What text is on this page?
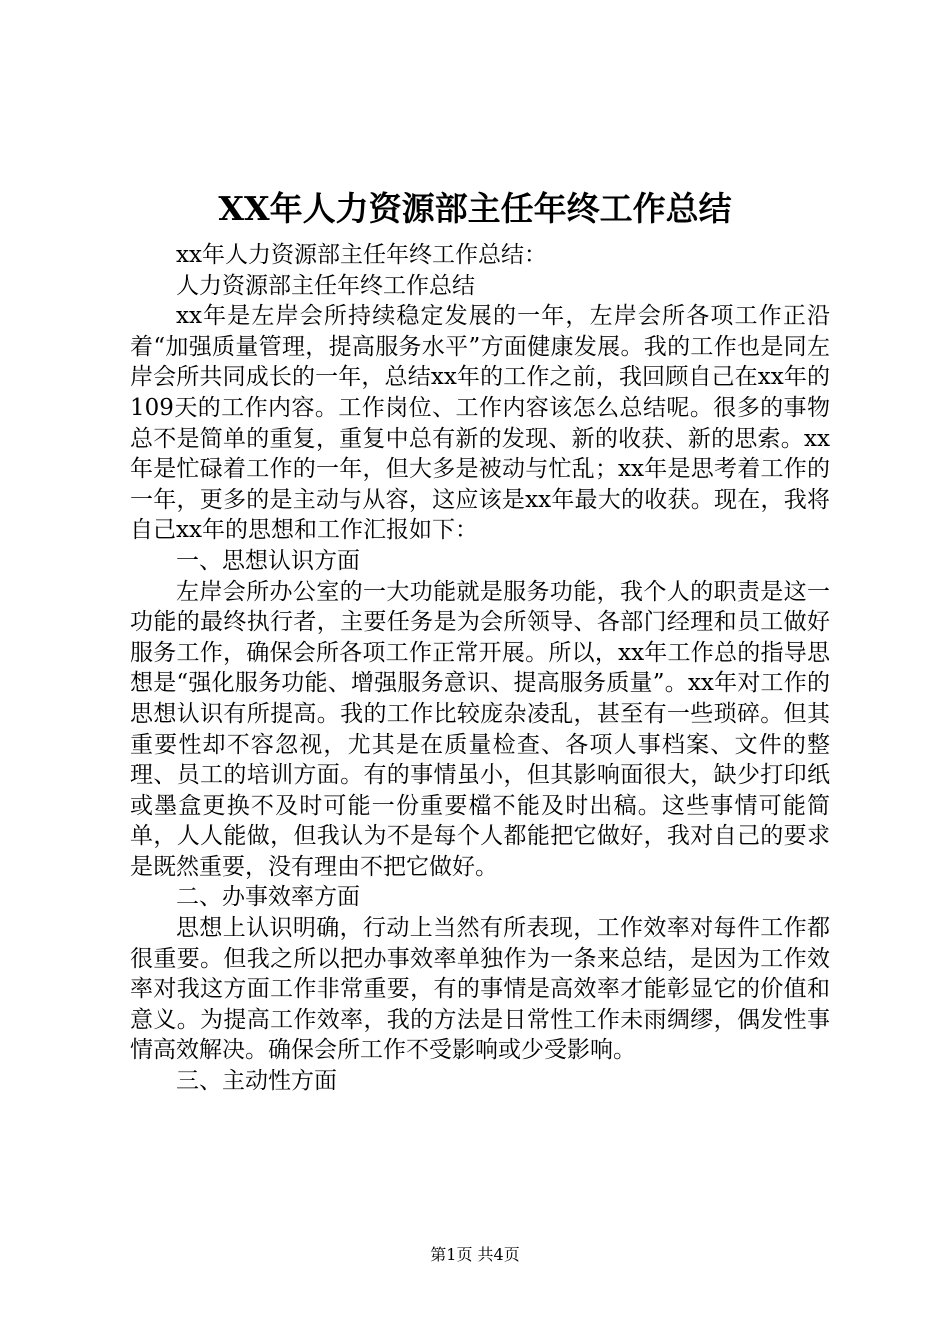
XX年人力资源部主任年终工作总结

xx年人力资源部主任年终工作总结：

人力资源部主任年终工作总结

xx年是左岸会所持续稳定发展的一年，左岸会所各项工作正沿着“加强质量管理，提高服务水平”方面健康发展。我的工作也是同左岸会所共同成长的一年，总结xx年的工作之前，我回顾自己在xx年的109天的工作内容。工作岗位、工作内容该怎么总结呢。很多的事物总不是简单的重复，重复中总有新的发现、新的收获、新的思索。xx年是忙碌着工作的一年，但大多是被动与忙乱；xx年是思考着工作的一年，更多的是主动与从容，这应该是xx年最大的收获。现在，我将自己xx年的思想和工作汇报如下：

一、思想认识方面

左岸会所办公室的一大功能就是服务功能，我个人的职责是这一功能的最终执行者，主要任务是为会所领导、各部门经理和员工做好服务工作，确保会所各项工作正常开展。所以，xx年工作总的指导思想是“强化服务功能、增强服务意识、提高服务质量”。xx年对工作的思想认识有所提高。我的工作比较庞杂凌乱，甚至有一些琐碎。但其重要性却不容忽视，尤其是在质量检查、各项人事档案、文件的整理、员工的培训方面。有的事情虽小，但其影响面很大，缺少打印纸或墨盒更换不及时可能一份重要檔不能及时出稿。这些事情可能简单，人人能做，但我认为不是每个人都能把它做好，我对自己的要求是既然重要，没有理由不把它做好。

二、办事效率方面

思想上认识明确，行动上当然有所表现，工作效率对每件工作都很重要。但我之所以把办事效率单独作为一条来总结，是因为工作效率对我这方面工作非常重要，有的事情是高效率才能彰显它的价值和意义。为提高工作效率，我的方法是日常性工作未雨绸缪，偶发性事情高效解决。确保会所工作不受影响或少受影响。

三、主动性方面

第1页 共4页
